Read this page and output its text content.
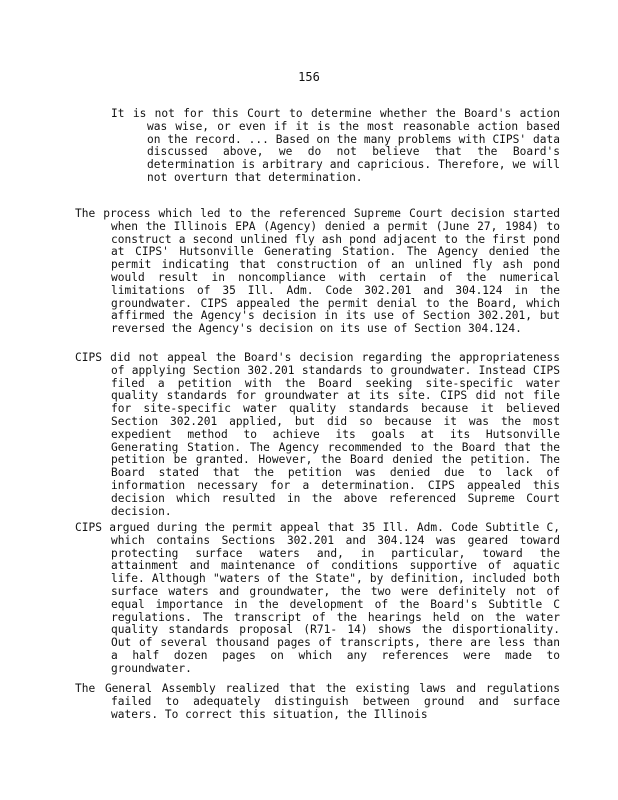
156

It is not for this Court to determine whether the Board's action was wise, or even if it is the most reasonable action based on the record. ... Based on the many problems with CIPS' data discussed above, we do not believe that the Board's determination is arbitrary and capricious. Therefore, we will not overturn that determination.

The process which led to the referenced Supreme Court decision started when the Illinois EPA (Agency) denied a permit (June 27, 1984) to construct a second unlined fly ash pond adjacent to the first pond at CIPS' Hutsonville Generating Station. The Agency denied the permit indicating that construction of an unlined fly ash pond would result in noncompliance with certain of the numerical limitations of 35 Ill. Adm. Code 302.201 and 304.124 in the groundwater. CIPS appealed the permit denial to the Board, which affirmed the Agency's decision in its use of Section 302.201, but reversed the Agency's decision on its use of Section 304.124.

CIPS did not appeal the Board's decision regarding the appropriateness of applying Section 302.201 standards to groundwater. Instead CIPS filed a petition with the Board seeking site-specific water quality standards for groundwater at its site. CIPS did not file for site-specific water quality standards because it believed Section 302.201 applied, but did so because it was the most expedient method to achieve its goals at its Hutsonville Generating Station. The Agency recommended to the Board that the petition be granted. However, the Board denied the petition. The Board stated that the petition was denied due to lack of information necessary for a determination. CIPS appealed this decision which resulted in the above referenced Supreme Court decision.

CIPS argued during the permit appeal that 35 Ill. Adm. Code Subtitle C, which contains Sections 302.201 and 304.124 was geared toward protecting surface waters and, in particular, toward the attainment and maintenance of conditions supportive of aquatic life. Although "waters of the State", by definition, included both surface waters and groundwater, the two were definitely not of equal importance in the development of the Board's Subtitle C regulations. The transcript of the hearings held on the water quality standards proposal (R71- 14) shows the disportionality. Out of several thousand pages of transcripts, there are less than a half dozen pages on which any references were made to groundwater.

The General Assembly realized that the existing laws and regulations failed to adequately distinguish between ground and surface waters. To correct this situation, the Illinois
